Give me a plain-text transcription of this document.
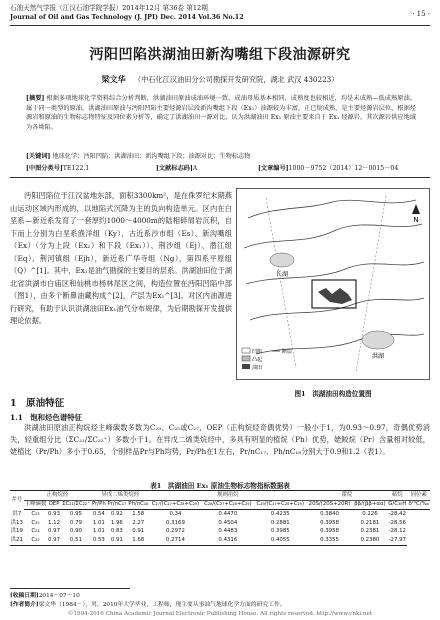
石油天然气学报（江汉石油学院学报）2014年12月 第36卷 第12期
Journal of Oil and Gas Technology (J. JPI) Dec. 2014 Vol.36 No.12	· 15 ·
沔阳凹陷洪湖油田新沟嘴组下段油源研究
梁文华 （中石化江汉油田分公司勘探开发研究院，湖北 武汉 430223）
[摘要] 根据多项地球化学资料综合分析判断，洪湖油田原油成油环境一致，成油母质基本相同，成熟度也较相近，均是未成熟—低成熟原油。属于同一类型的原油，洪湖油田原油与沔阳凹陷主要烃源岩层段新沟嘴组下段（Ex₁）油源较为丰富，正已烷成熟，是主要烃源岩层位，根据烃源岩和原油的生物标志物特征及同位素分析等，确定了洪湖油田一源对比，认为洪湖油田 Ex₁ 原油主要来自于 Ex₁ 烃源岩，其次源岩供应地域为各坳陷。
[关键词] 地球化学；沔阳凹陷；洪湖油田；新沟嘴组下段；油源对比；生物标志物
[中图分类号]TE122.1	[文献标志码]A	[文章编号]1000－9752（2014）12－0015－04
沔阳凹陷位于江汉盆地东部，面积3300km²，是在侏罗纪末期燕山运动区域内形成的，以地陷式沉降为主的负向构造单元。区内在白垩系—新近系发育了一套厚约1000～4000m的陆相碎屑岩沉积，自下而上分别为白垩系渔洋组（Ky），古近系沙市组（Es）、新沟嘴组（Ex）（分为上段（Ex₂）和下段（Ex₁））、荆沙组（Ej）、潜江组（Eq）、荆河镇组（Ejh），新近系广华寺组（Ng）、第四系平原组（Q）^[1]。其中，Ex₁是油气勘探的主要目的层系。洪湖油田位于湖北省洪湖市白庙区和仙桃市杨林尾区之间，构造位置在沔阳凹陷中部（图1），由多个断鼻油藏构成^[2]，产层为Ex₁^[3]。对区内油源进行研究，有助于认识洪湖油田Ex₁油气分布规律，为后期勘探开发提供理论依据。
N
长湖
洪湖
凹陷
凸起
油田
断层
图1　洪湖油田构造位置图
1　原油特征
1.1　饱和烃色谱特征
洪湖油田原油正构烷烃主峰碳数多数为C₂₃、C₂₅或C₂₇，OEP（正构烷烃奇偶优势）一般小于1，为0.93～0.97，奇偶优势消失，轻重组分比（ΣC₂₁/ΣC₂₂⁺）多数小于1。在异戊二烯类烷烃中，多具有明显的植烷（Ph）优势，姥鲛烷（Pr）含量相对较低，姥植比（Pr/Ph）多小于0.65，个别样品Pr与Ph均势，Pr/Ph在1左右，Pr/nC₁₇、Ph/nC₁₈分别大于0.9和1.2（表1）。
表1　洪湖油田 Ex₁ 原油生物标志物指标数据表
井号	正构烷烃			异戊二烯类烷烃			规则甾烷			藿烷		萜烷	同位素
	主峰碳数	OEP	ΣC₂₁/ΣC₂₂⁺	Pr/Ph	Pr/nC₁₇	Ph/nC₁₈	C₂₇/(C₂₇+C₂₈+C₂₉)	C₂₈/(C₂₇+C₂₈+C₂₉)	C₂₉/(C₂₇+C₂₈+C₂₉)	20S/(20S+20R)	ββ/(ββ+αα)	G/C₃₀H	δ¹³C/‰
洪7	C₂₃	0.93	0.95	0.54	0.92	1.58	0.34	0.4470	0.4235	0.3840	0.226	-28.42	
洪13	C₂₅	1.12	0.79	1.01	1.96	2.27	0.3169	0.4504	0.2881	0.3958	0.2181	-28.56	
洪19	C₂₃	0.97	0.90	1.01	0.83	0.91	0.2972	0.4483	0.3985	0.3958	0.2381	-28.12	
洪21	C₂₅	0.97	0.51	0.53	0.91	1.68	0.2714	0.4316	0.4055	0.3355	0.2380	-27.97	
[收稿日期]2014－07－10
[作者简介]梁文华（1984－），男，2010年大学毕业，工程师，现主要从事油气地球化学方面的研究工作。
©1994-2016 China Academic Journal Electronic Publishing House. All rights reserved. http://www.cnki.net
